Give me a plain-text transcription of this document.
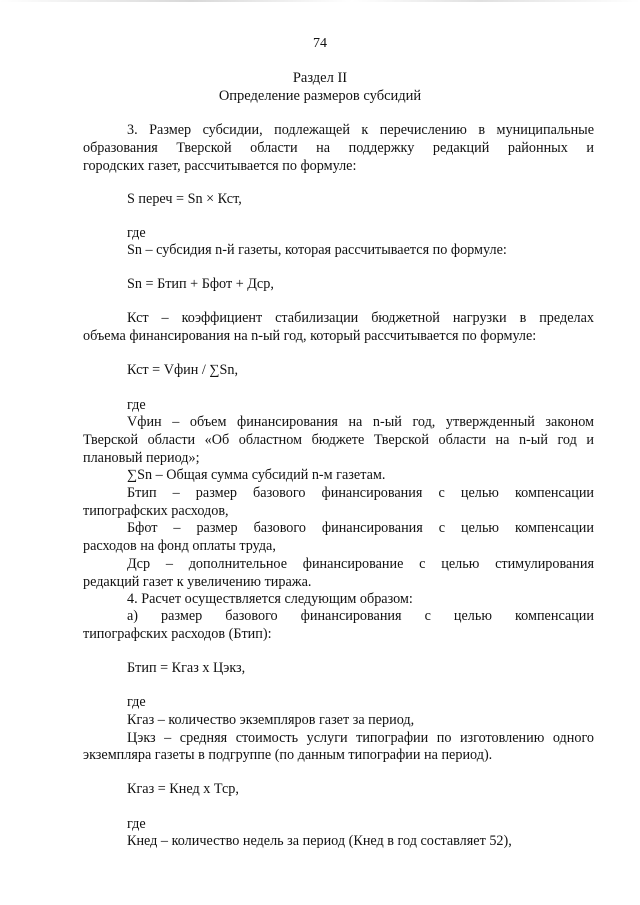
74
Раздел II
Определение размеров субсидий
3. Размер субсидии, подлежащей к перечислению в муниципальные
образования Тверской области на поддержку редакций районных и
городских газет, рассчитывается по формуле:
S переч = Sn × Кст,
где
Sn – субсидия n-й газеты, которая рассчитывается по формуле:
Sn = Бтип + Бфот + Дср,
Кст – коэффициент стабилизации бюджетной нагрузки в пределах
объема финансирования на n-ый год, который рассчитывается по формуле:
Кст = Vфин / ∑Sn,
где
Vфин – объем финансирования на n-ый год, утвержденный законом
Тверской области «Об областном бюджете Тверской области на n-ый год и
плановый период»;
∑Sn – Общая сумма субсидий n-м газетам.
Бтип – размер базового финансирования с целью компенсации
типографских расходов,
Бфот – размер базового финансирования с целью компенсации
расходов на фонд оплаты труда,
Дср – дополнительное финансирование с целью стимулирования
редакций газет к увеличению тиража.
4. Расчет осуществляется следующим образом:
а) размер базового финансирования с целью компенсации
типографских расходов (Бтип):
Бтип = Кгаз х Цэкз,
где
Кгаз – количество экземпляров газет за период,
Цэкз – средняя стоимость услуги типографии по изготовлению одного
экземпляра газеты в подгруппе (по данным типографии на период).
Кгаз = Кнед х Тср,
где
Кнед – количество недель за период (Кнед в год составляет 52),
